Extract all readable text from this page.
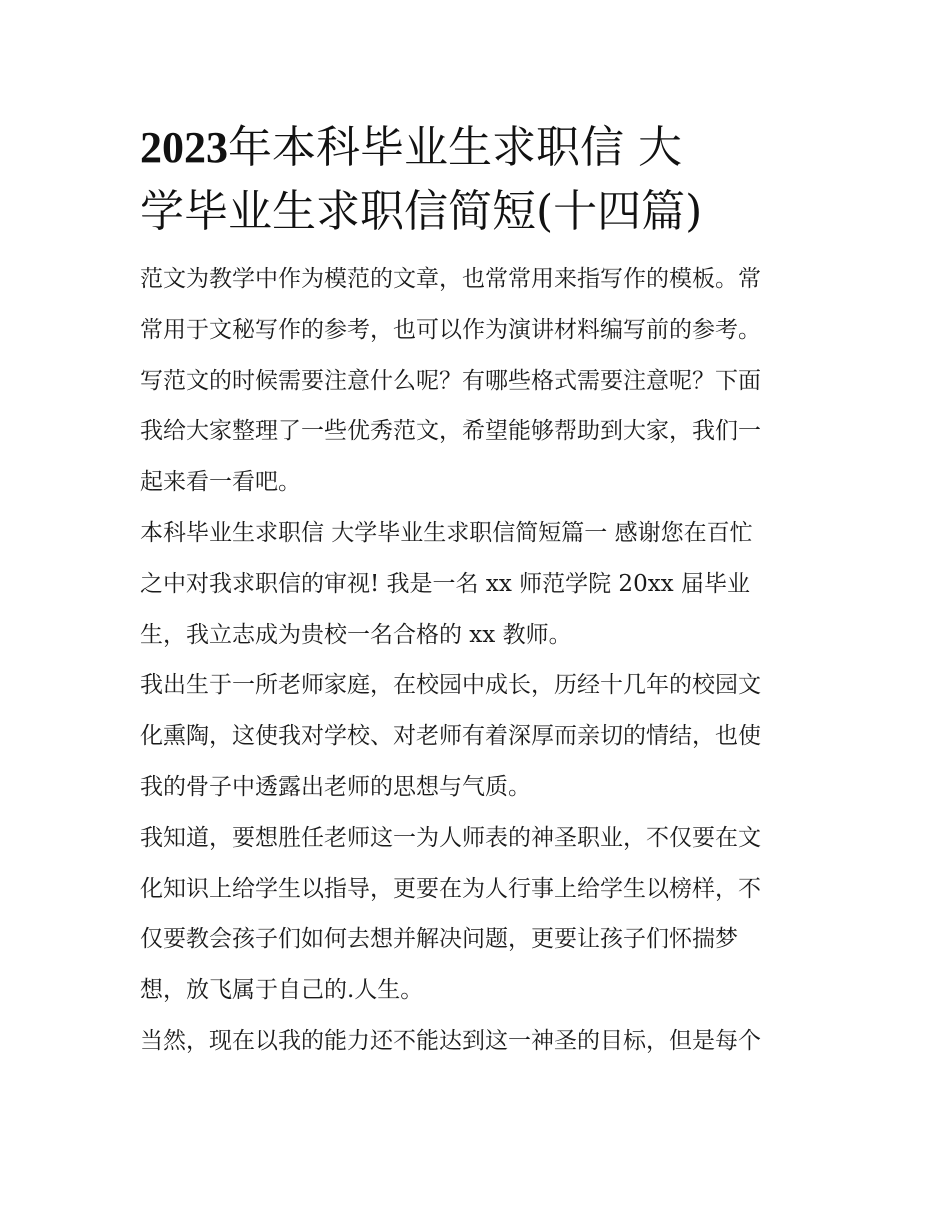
2023年本科毕业生求职信 大
学毕业生求职信简短(十四篇)

范文为教学中作为模范的文章，也常常用来指写作的模板。常
常用于文秘写作的参考，也可以作为演讲材料编写前的参考。
写范文的时候需要注意什么呢？有哪些格式需要注意呢？下面
我给大家整理了一些优秀范文，希望能够帮助到大家，我们一
起来看一看吧。

本科毕业生求职信 大学毕业生求职信简短篇一 感谢您在百忙
之中对我求职信的审视! 我是一名 xx 师范学院 20xx 届毕业
生，我立志成为贵校一名合格的 xx 教师。

我出生于一所老师家庭，在校园中成长，历经十几年的校园文
化熏陶，这使我对学校、对老师有着深厚而亲切的情结，也使
我的骨子中透露出老师的思想与气质。

我知道，要想胜任老师这一为人师表的神圣职业，不仅要在文
化知识上给学生以指导，更要在为人行事上给学生以榜样，不
仅要教会孩子们如何去想并解决问题，更要让孩子们怀揣梦
想，放飞属于自己的.人生。

当然，现在以我的能力还不能达到这一神圣的目标，但是每个
